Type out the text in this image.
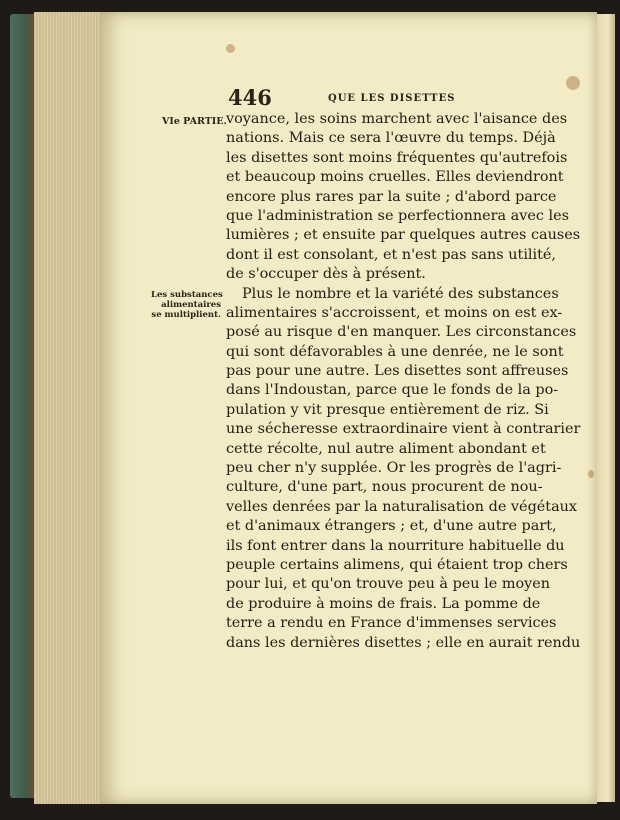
446	QUE LES DISETTES
VIe PARTIE.
Les substances
alimentaires
se multiplient.
voyance, les soins marchent avec l'aisance des
nations. Mais ce sera l'œuvre du temps. Déjà
les disettes sont moins fréquentes qu'autrefois
et beaucoup moins cruelles. Elles deviendront
encore plus rares par la suite ; d'abord parce
que l'administration se perfectionnera avec les
lumières ; et ensuite par quelques autres causes
dont il est consolant, et n'est pas sans utilité,
de s'occuper dès à présent.
Plus le nombre et la variété des substances
alimentaires s'accroissent, et moins on est ex-
posé au risque d'en manquer. Les circonstances
qui sont défavorables à une denrée, ne le sont
pas pour une autre. Les disettes sont affreuses
dans l'Indoustan, parce que le fonds de la po-
pulation y vit presque entièrement de riz. Si
une sécheresse extraordinaire vient à contrarier
cette récolte, nul autre aliment abondant et
peu cher n'y supplée. Or les progrès de l'agri-
culture, d'une part, nous procurent de nou-
velles denrées par la naturalisation de végétaux
et d'animaux étrangers ; et, d'une autre part,
ils font entrer dans la nourriture habituelle du
peuple certains alimens, qui étaient trop chers
pour lui, et qu'on trouve peu à peu le moyen
de produire à moins de frais. La pomme de
terre a rendu en France d'immenses services
dans les dernières disettes ; elle en aurait rendu
